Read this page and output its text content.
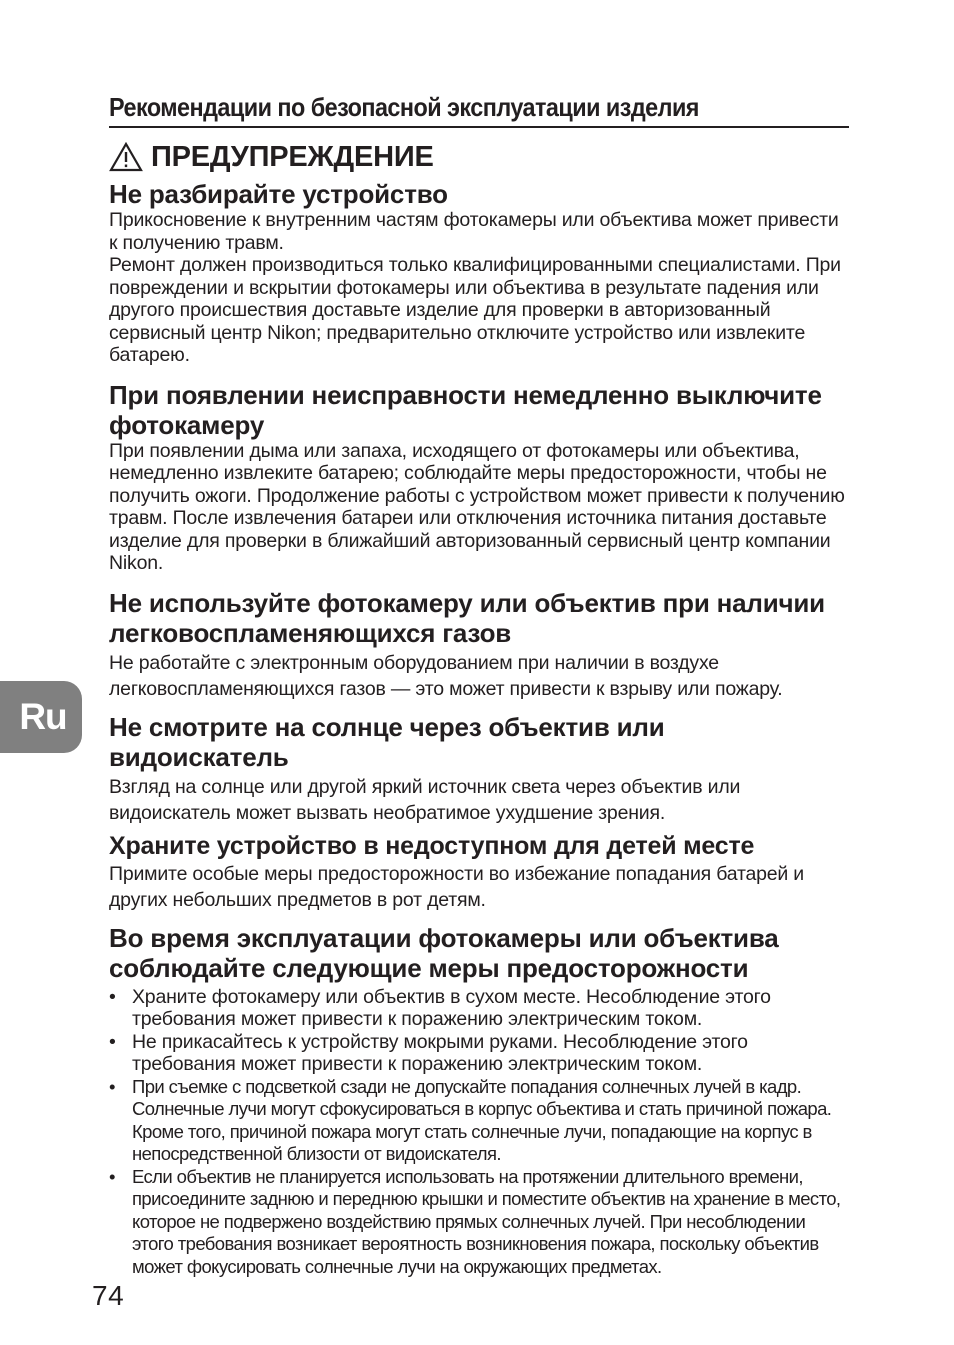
Ru
Рекомендации по безопасной эксплуатации изделия
ПРЕДУПРЕЖДЕНИЕ
Не разбирайте устройство

Прикосновение к внутренним частям фотокамеры или объектива может привести к получению травм.
Ремонт должен производиться только квалифицированными специалистами. При повреждении и вскрытии фотокамеры или объектива в результате падения или другого происшествия доставьте изделие для проверки в авторизованный сервисный центр Nikon; предварительно отключите устройство или извлеките батарею.

При появлении неисправности немедленно выключите фотокамеру

При появлении дыма или запаха, исходящего от фотокамеры или объектива, немедленно извлеките батарею; соблюдайте меры предосторожности, чтобы не получить ожоги. Продолжение работы с устройством может привести к получению травм. После извлечения батареи или отключения источника питания доставьте изделие для проверки в ближайший авторизованный сервисный центр компании Nikon.

Не используйте фотокамеру или объектив при наличии легковоспламеняющихся газов

Не работайте с электронным оборудованием при наличии в воздухе легковоспламеняющихся газов — это может привести к взрыву или пожару.

Не смотрите на солнце через объектив или видоискатель

Взгляд на солнце или другой яркий источник света через объектив или видоискатель может вызвать необратимое ухудшение зрения.

Храните устройство в недоступном для детей месте

Примите особые меры предосторожности во избежание попадания батарей и других небольших предметов в рот детям.

Во время эксплуатации фотокамеры или объектива соблюдайте следующие меры предосторожности
• Храните фотокамеру или объектив в сухом месте. Несоблюдение этого требования может привести к поражению электрическим током.
• Не прикасайтесь к устройству мокрыми руками. Несоблюдение этого требования может привести к поражению электрическим током.
• При съемке с подсветкой сзади не допускайте попадания солнечных лучей в кадр. Солнечные лучи могут сфокусироваться в корпус объектива и стать причиной пожара. Кроме того, причиной пожара могут стать солнечные лучи, попадающие на корпус в непосредственной близости от видоискателя.
• Если объектив не планируется использовать на протяжении длительного времени, присоедините заднюю и переднюю крышки и поместите объектив на хранение в место, которое не подвержено воздействию прямых солнечных лучей. При несоблюдении этого требования возникает вероятность возникновения пожара, поскольку объектив может фокусировать солнечные лучи на окружающих предметах.
74
